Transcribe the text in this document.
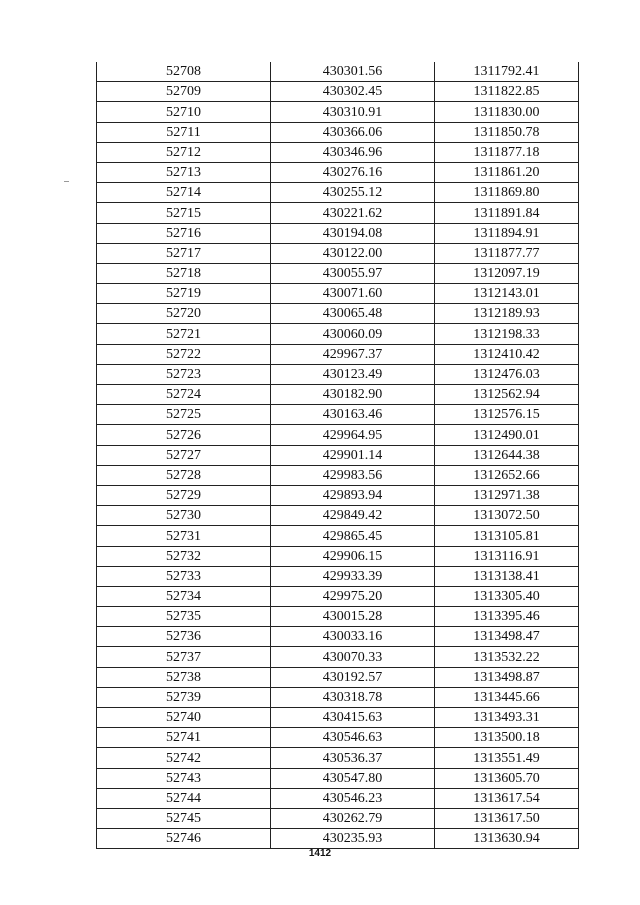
52708	430301.56	1311792.41
52709	430302.45	1311822.85
52710	430310.91	1311830.00
52711	430366.06	1311850.78
52712	430346.96	1311877.18
52713	430276.16	1311861.20
52714	430255.12	1311869.80
52715	430221.62	1311891.84
52716	430194.08	1311894.91
52717	430122.00	1311877.77
52718	430055.97	1312097.19
52719	430071.60	1312143.01
52720	430065.48	1312189.93
52721	430060.09	1312198.33
52722	429967.37	1312410.42
52723	430123.49	1312476.03
52724	430182.90	1312562.94
52725	430163.46	1312576.15
52726	429964.95	1312490.01
52727	429901.14	1312644.38
52728	429983.56	1312652.66
52729	429893.94	1312971.38
52730	429849.42	1313072.50
52731	429865.45	1313105.81
52732	429906.15	1313116.91
52733	429933.39	1313138.41
52734	429975.20	1313305.40
52735	430015.28	1313395.46
52736	430033.16	1313498.47
52737	430070.33	1313532.22
52738	430192.57	1313498.87
52739	430318.78	1313445.66
52740	430415.63	1313493.31
52741	430546.63	1313500.18
52742	430536.37	1313551.49
52743	430547.80	1313605.70
52744	430546.23	1313617.54
52745	430262.79	1313617.50
52746	430235.93	1313630.94
1412
